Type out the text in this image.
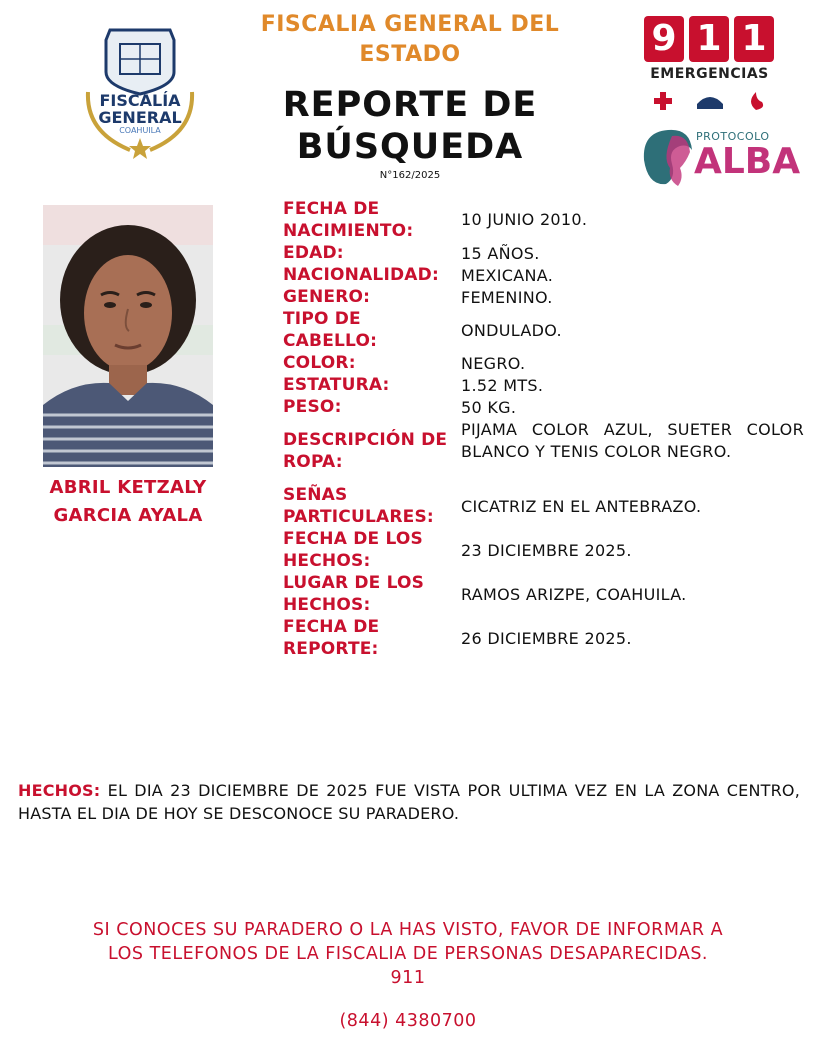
FISCALIA GENERAL DEL
ESTADO
REPORTE DE
BÚSQUEDA
N°162/2025
FISCALÍA
GENERAL
COAHUILA
9 1 1
EMERGENCIAS
PROTOCOLO
ALBA
ABRIL KETZALY
GARCIA AYALA
FECHA DE NACIMIENTO:
10 JUNIO 2010.
EDAD:	15 AÑOS.
NACIONALIDAD:	MEXICANA.
GENERO:	FEMENINO.
TIPO DE CABELLO:	ONDULADO.
COLOR:	NEGRO.
ESTATURA:	1.52 MTS.
PESO:	50 KG.
DESCRIPCIÓN DE ROPA:
PIJAMA COLOR AZUL, SUETER COLOR BLANCO Y TENIS COLOR NEGRO.
SEÑAS PARTICULARES:	CICATRIZ EN EL ANTEBRAZO.
FECHA DE LOS HECHOS:	23 DICIEMBRE 2025.
LUGAR DE LOS HECHOS:	RAMOS ARIZPE, COAHUILA.
FECHA DE REPORTE:	26 DICIEMBRE 2025.
HECHOS: EL DIA 23 DICIEMBRE DE 2025 FUE VISTA POR ULTIMA VEZ EN LA ZONA CENTRO, HASTA EL DIA DE HOY SE DESCONOCE SU PARADERO.
SI CONOCES SU PARADERO O LA HAS VISTO, FAVOR DE INFORMAR A
LOS TELEFONOS DE LA FISCALIA DE PERSONAS DESAPARECIDAS.
911
(844) 4380700
